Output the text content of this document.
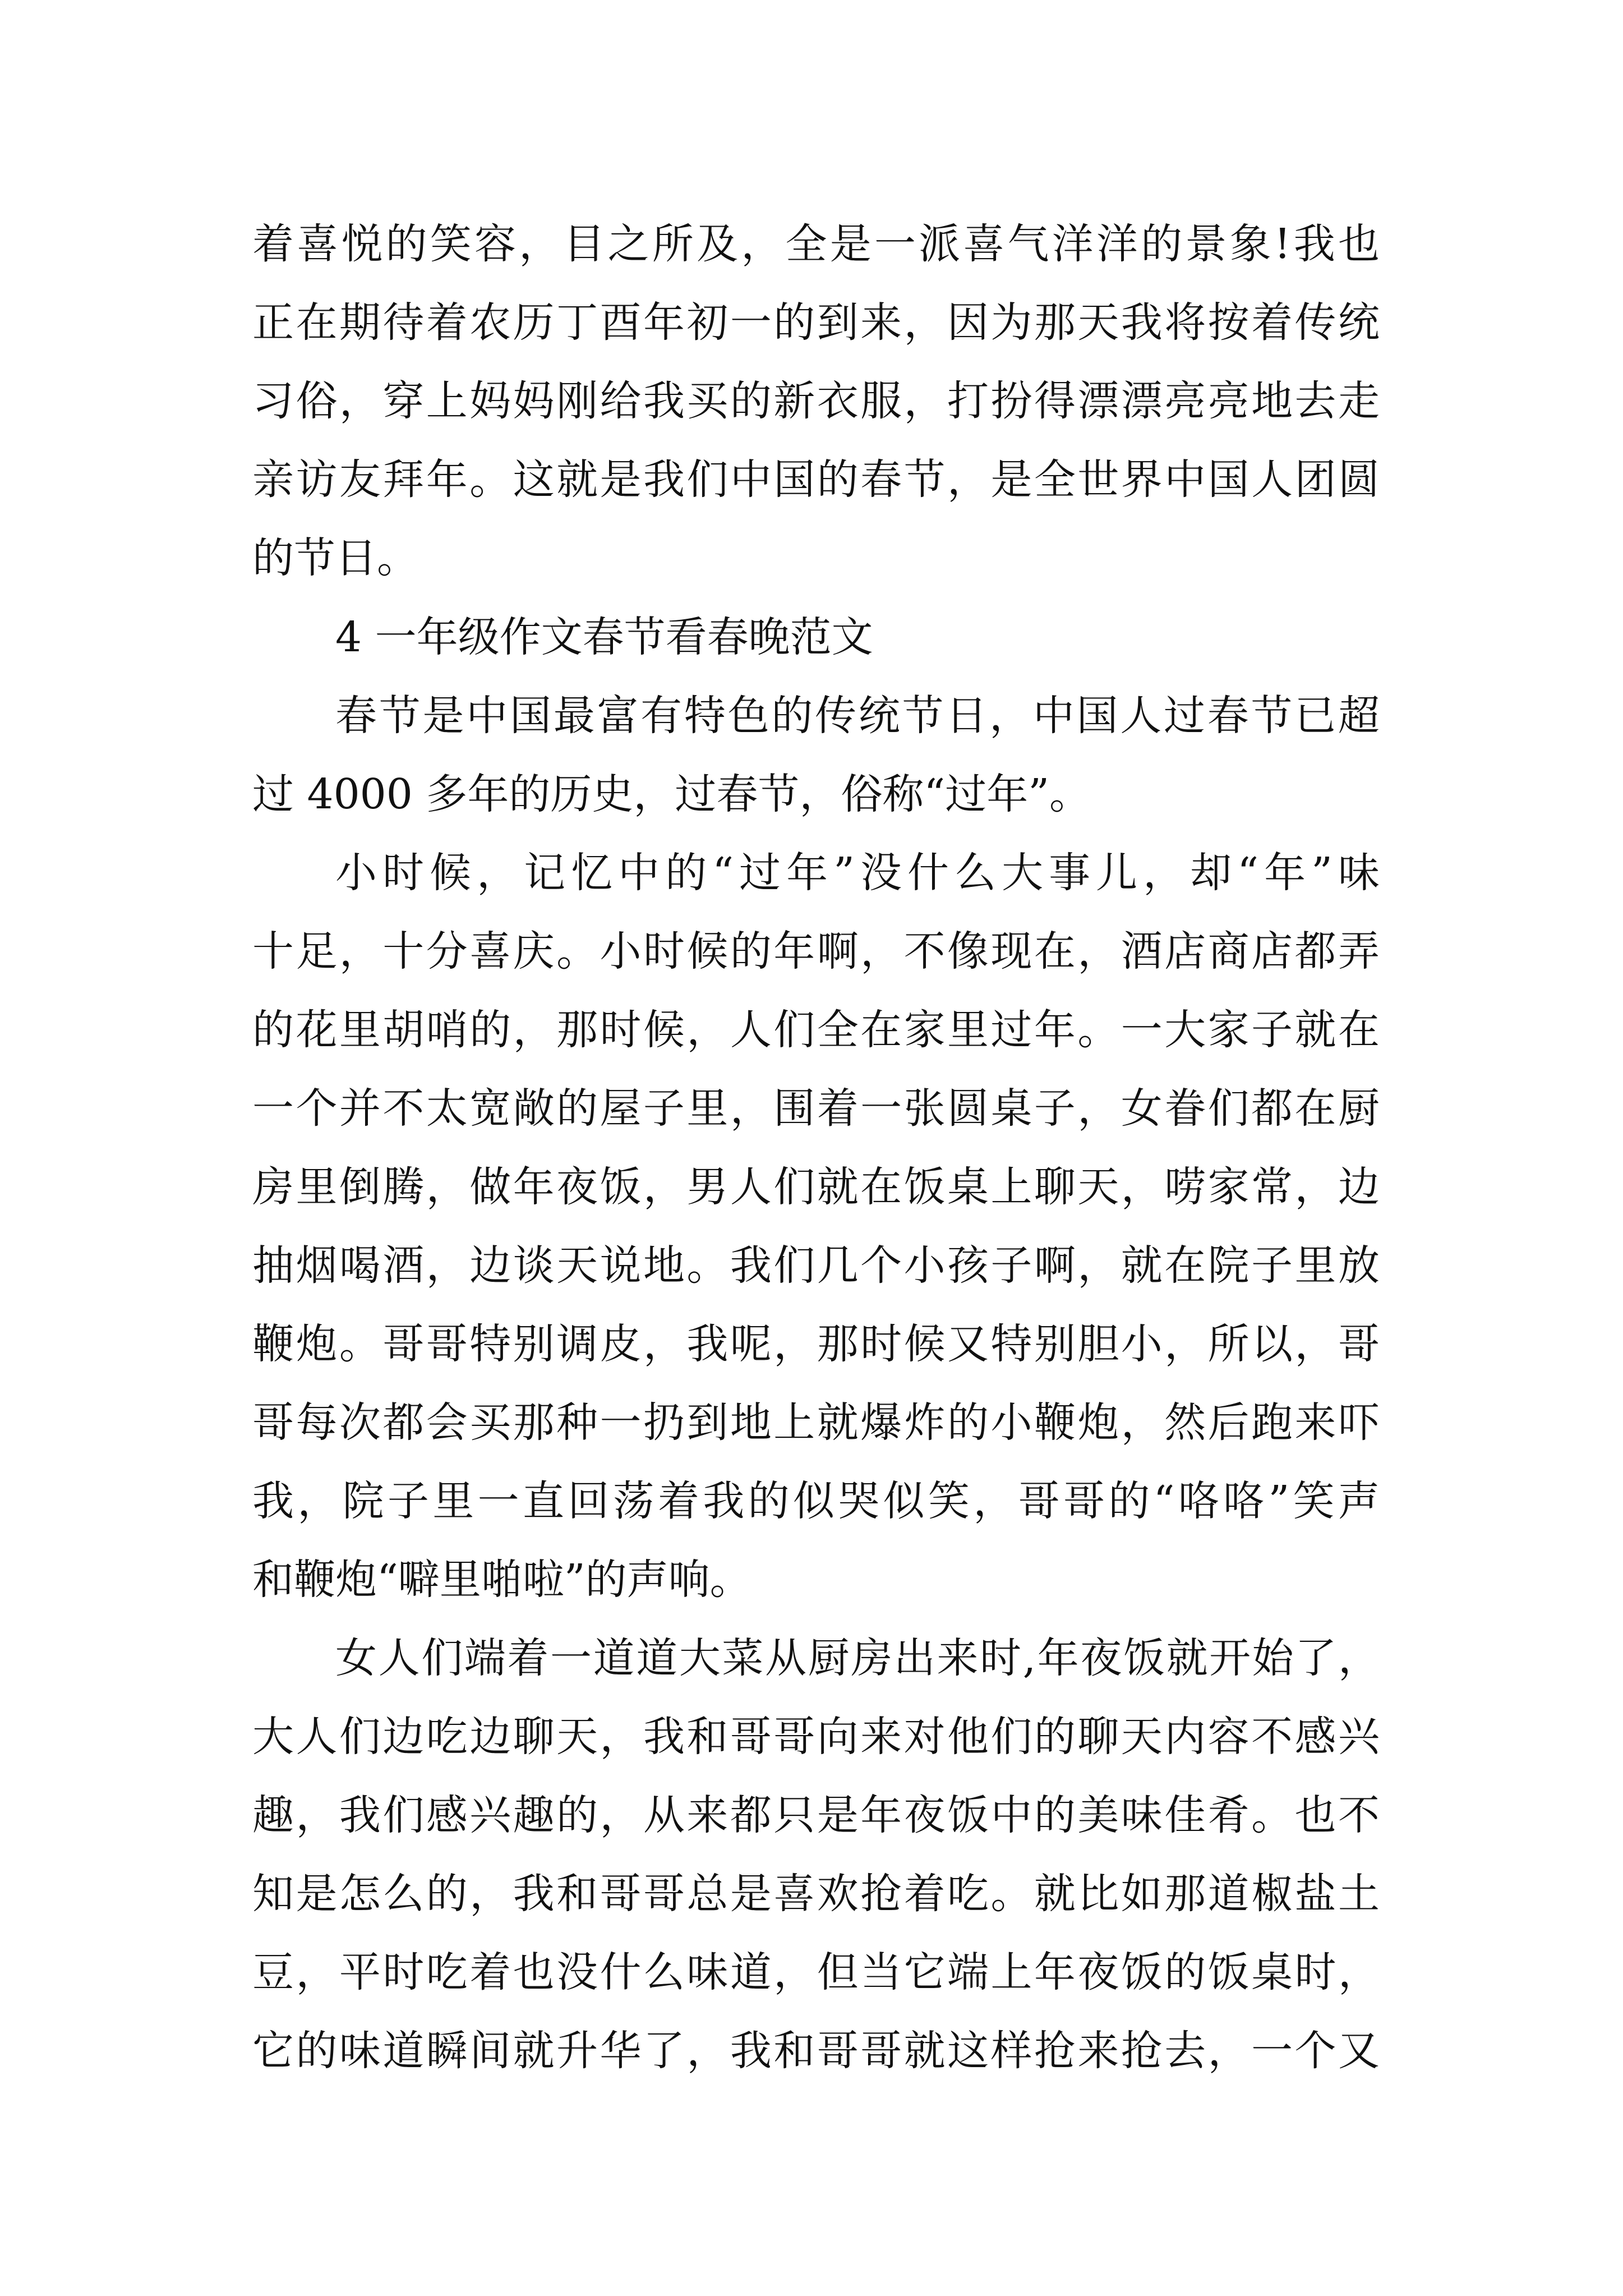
着喜悦的笑容，目之所及，全是一派喜气洋洋的景象!我也
正在期待着农历丁酉年初一的到来，因为那天我将按着传统
习俗，穿上妈妈刚给我买的新衣服，打扮得漂漂亮亮地去走
亲访友拜年。这就是我们中国的春节，是全世界中国人团圆
的节日。
4 一年级作文春节看春晚范文
春节是中国最富有特色的传统节日，中国人过春节已超
过 4000 多年的历史，过春节，俗称“过年”。
小时候，记忆中的“过年”没什么大事儿，却“年”味
十足，十分喜庆。小时候的年啊，不像现在，酒店商店都弄
的花里胡哨的，那时候，人们全在家里过年。一大家子就在
一个并不太宽敞的屋子里，围着一张圆桌子，女眷们都在厨
房里倒腾，做年夜饭，男人们就在饭桌上聊天，唠家常，边
抽烟喝酒，边谈天说地。我们几个小孩子啊，就在院子里放
鞭炮。哥哥特别调皮，我呢，那时候又特别胆小，所以，哥
哥每次都会买那种一扔到地上就爆炸的小鞭炮，然后跑来吓
我，院子里一直回荡着我的似哭似笑，哥哥的“咯咯”笑声
和鞭炮“噼里啪啦”的声响。
女人们端着一道道大菜从厨房出来时,年夜饭就开始了，
大人们边吃边聊天，我和哥哥向来对他们的聊天内容不感兴
趣，我们感兴趣的，从来都只是年夜饭中的美味佳肴。也不
知是怎么的，我和哥哥总是喜欢抢着吃。就比如那道椒盐土
豆，平时吃着也没什么味道，但当它端上年夜饭的饭桌时，
它的味道瞬间就升华了，我和哥哥就这样抢来抢去，一个又
